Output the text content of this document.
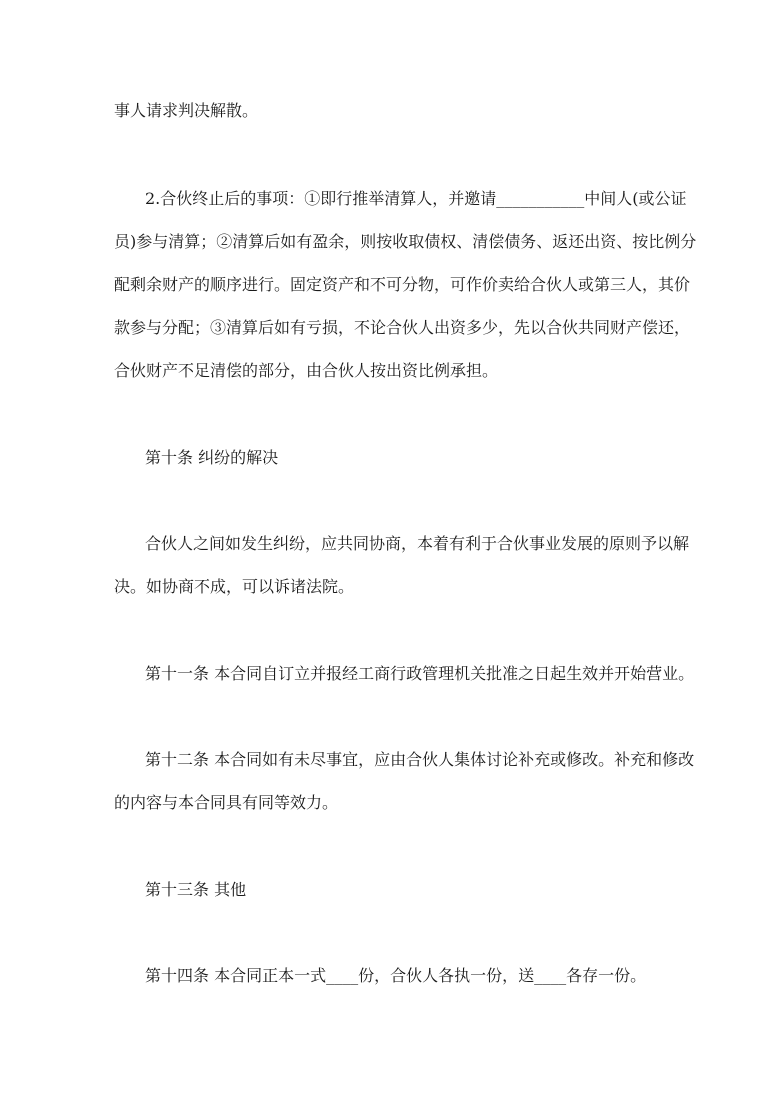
事人请求判决解散。

2.合伙终止后的事项：①即行推举清算人，并邀请___________中间人(或公证

员)参与清算；②清算后如有盈余，则按收取债权、清偿债务、返还出资、按比例分

配剩余财产的顺序进行。固定资产和不可分物，可作价卖给合伙人或第三人，其价

款参与分配；③清算后如有亏损，不论合伙人出资多少，先以合伙共同财产偿还，

合伙财产不足清偿的部分，由合伙人按出资比例承担。

第十条 纠纷的解决

合伙人之间如发生纠纷，应共同协商，本着有利于合伙事业发展的原则予以解

决。如协商不成，可以诉诸法院。

第十一条 本合同自订立并报经工商行政管理机关批准之日起生效并开始营业。

第十二条 本合同如有未尽事宜，应由合伙人集体讨论补充或修改。补充和修改

的内容与本合同具有同等效力。

第十三条 其他

第十四条 本合同正本一式____份，合伙人各执一份，送____各存一份。
